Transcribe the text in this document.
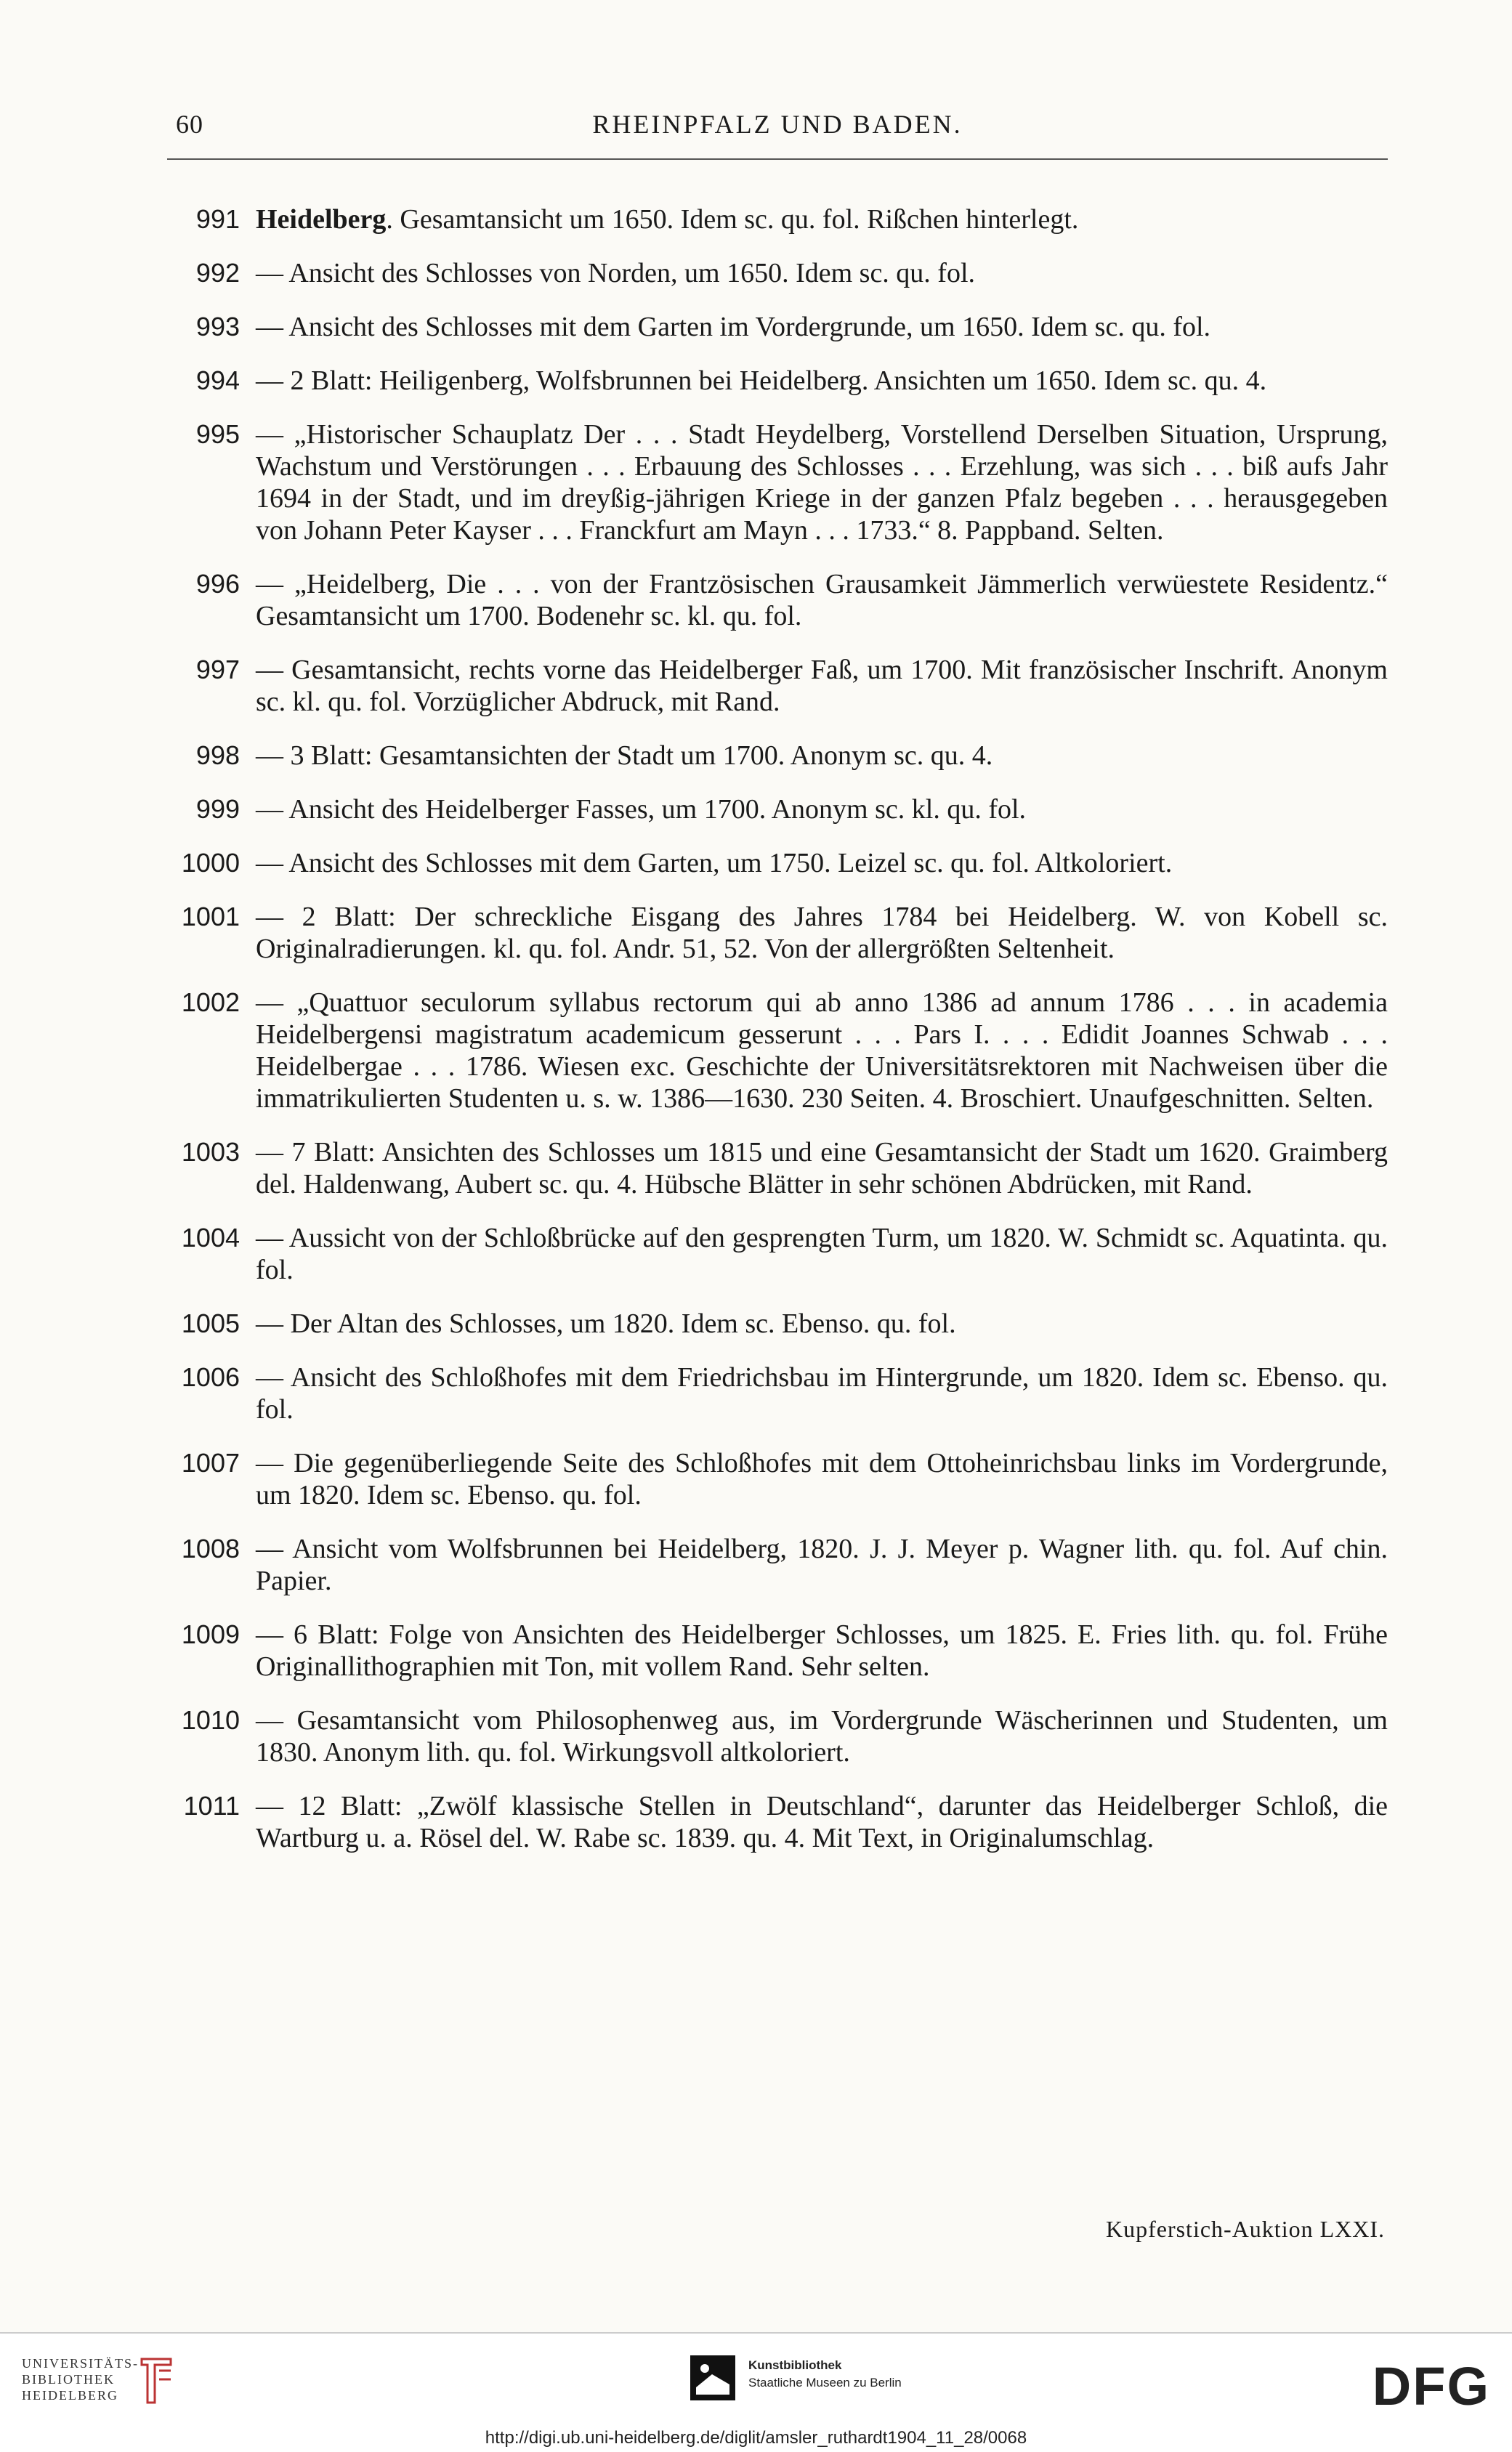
60	RHEINPFALZ UND BADEN.
991 Heidelberg. Gesamtansicht um 1650. Idem sc. qu. fol. Rißchen hinterlegt.
992 — Ansicht des Schlosses von Norden, um 1650. Idem sc. qu. fol.
993 — Ansicht des Schlosses mit dem Garten im Vordergrunde, um 1650. Idem sc. qu. fol.
994 — 2 Blatt: Heiligenberg, Wolfsbrunnen bei Heidelberg. Ansichten um 1650. Idem sc. qu. 4.
995 — „Historischer Schauplatz Der . . . Stadt Heydelberg, Vorstellend Derselben Situation, Ursprung, Wachstum und Verstörungen . . . Erbauung des Schlosses . . . Erzehlung, was sich . . . biß aufs Jahr 1694 in der Stadt, und im dreyßig-jährigen Kriege in der ganzen Pfalz begeben . . . herausgegeben von Johann Peter Kayser . . . Franckfurt am Mayn . . . 1733.“ 8. Pappband. Selten.
996 — „Heidelberg, Die . . . von der Frantzösischen Grausamkeit Jämmerlich verwüestete Residentz.“ Gesamtansicht um 1700. Bodenehr sc. kl. qu. fol.
997 — Gesamtansicht, rechts vorne das Heidelberger Faß, um 1700. Mit französischer Inschrift. Anonym sc. kl. qu. fol. Vorzüglicher Abdruck, mit Rand.
998 — 3 Blatt: Gesamtansichten der Stadt um 1700. Anonym sc. qu. 4.
999 — Ansicht des Heidelberger Fasses, um 1700. Anonym sc. kl. qu. fol.
1000 — Ansicht des Schlosses mit dem Garten, um 1750. Leizel sc. qu. fol. Altkoloriert.
1001 — 2 Blatt: Der schreckliche Eisgang des Jahres 1784 bei Heidelberg. W. von Kobell sc. Originalradierungen. kl. qu. fol. Andr. 51, 52. Von der allergrößten Seltenheit.
1002 — „Quattuor seculorum syllabus rectorum qui ab anno 1386 ad annum 1786 . . . in academia Heidelbergensi magistratum academicum gesserunt . . . Pars I. . . . Edidit Joannes Schwab . . . Heidelbergae . . . 1786. Wiesen exc. Geschichte der Universitätsrektoren mit Nachweisen über die immatrikulierten Studenten u. s. w. 1386—1630. 230 Seiten. 4. Broschiert. Unaufgeschnitten. Selten.
1003 — 7 Blatt: Ansichten des Schlosses um 1815 und eine Gesamtansicht der Stadt um 1620. Graimberg del. Haldenwang, Aubert sc. qu. 4. Hübsche Blätter in sehr schönen Abdrücken, mit Rand.
1004 — Aussicht von der Schloßbrücke auf den gesprengten Turm, um 1820. W. Schmidt sc. Aquatinta. qu. fol.
1005 — Der Altan des Schlosses, um 1820. Idem sc. Ebenso. qu. fol.
1006 — Ansicht des Schloßhofes mit dem Friedrichsbau im Hintergrunde, um 1820. Idem sc. Ebenso. qu. fol.
1007 — Die gegenüberliegende Seite des Schloßhofes mit dem Ottoheinrichsbau links im Vordergrunde, um 1820. Idem sc. Ebenso. qu. fol.
1008 — Ansicht vom Wolfsbrunnen bei Heidelberg, 1820. J. J. Meyer p. Wagner lith. qu. fol. Auf chin. Papier.
1009 — 6 Blatt: Folge von Ansichten des Heidelberger Schlosses, um 1825. E. Fries lith. qu. fol. Frühe Originallithographien mit Ton, mit vollem Rand. Sehr selten.
1010 — Gesamtansicht vom Philosophenweg aus, im Vordergrunde Wäscherinnen und Studenten, um 1830. Anonym lith. qu. fol. Wirkungsvoll altkoloriert.
1011 — 12 Blatt: „Zwölf klassische Stellen in Deutschland“, darunter das Heidelberger Schloß, die Wartburg u. a. Rösel del. W. Rabe sc. 1839. qu. 4. Mit Text, in Originalumschlag.
Kupferstich-Auktion LXXI.
UNIVERSITÄTS-
BIBLIOTHEK
HEIDELBERG
Kunstbibliothek
Staatliche Museen zu Berlin	DFG
http://digi.ub.uni-heidelberg.de/diglit/amsler_ruthardt1904_11_28/0068
